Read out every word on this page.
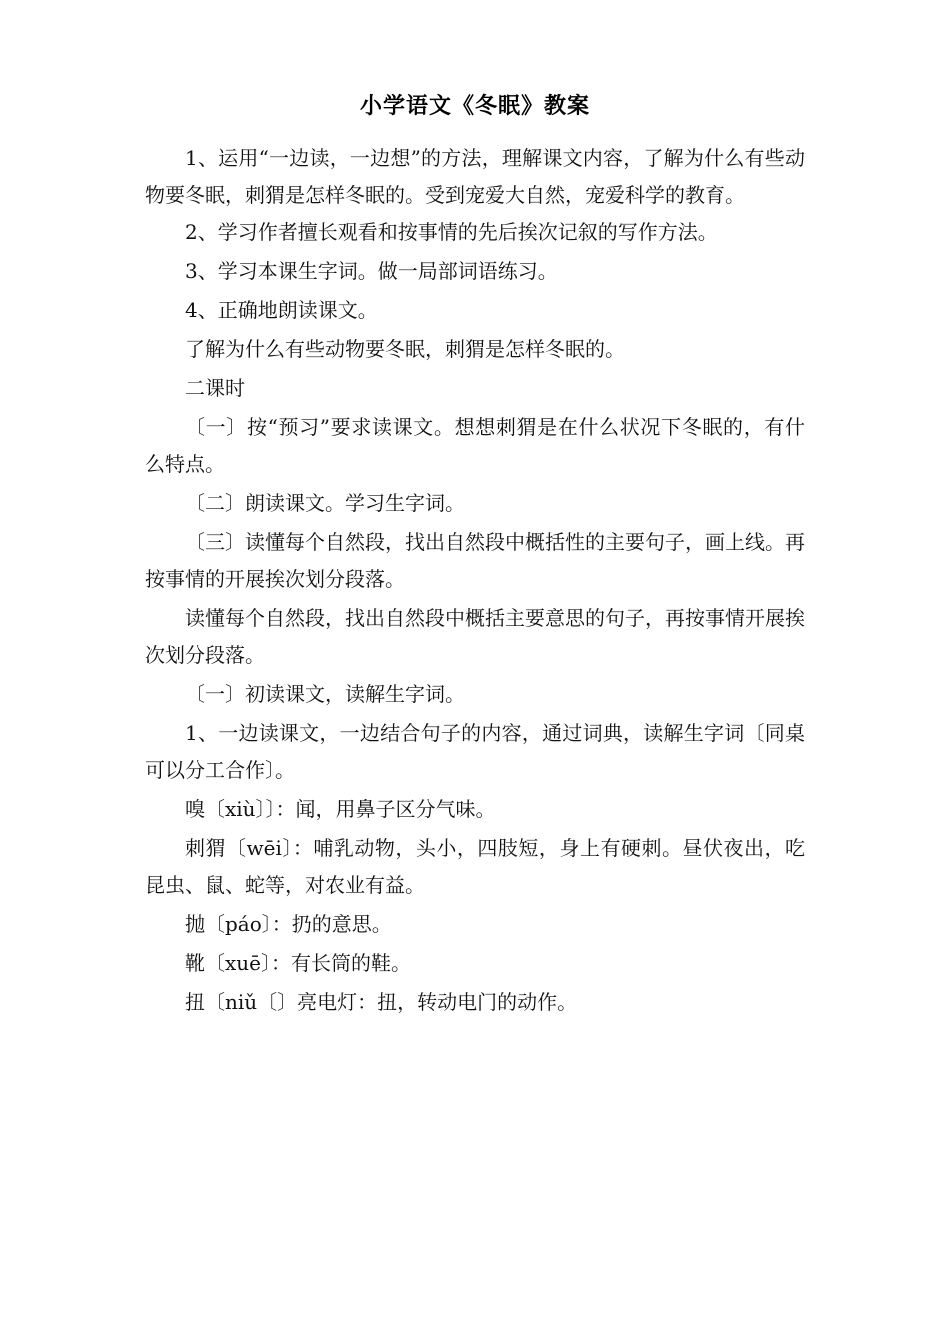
小学语文《冬眠》教案

1、运用“一边读，一边想”的方法，理解课文内容，了解为什么有些动物要冬眠，刺猬是怎样冬眠的。受到宠爱大自然，宠爱科学的教育。

2、学习作者擅长观看和按事情的先后挨次记叙的写作方法。

3、学习本课生字词。做一局部词语练习。

4、正确地朗读课文。

了解为什么有些动物要冬眠，刺猬是怎样冬眠的。

二课时

〔一〕按“预习”要求读课文。想想刺猬是在什么状况下冬眠的，有什么特点。

〔二〕朗读课文。学习生字词。

〔三〕读懂每个自然段，找出自然段中概括性的主要句子，画上线。再按事情的开展挨次划分段落。

读懂每个自然段，找出自然段中概括主要意思的句子，再按事情开展挨次划分段落。

〔一〕初读课文，读解生字词。

1、一边读课文，一边结合句子的内容，通过词典，读解生字词〔同桌可以分工合作〕。

嗅〔xiù〕〕：闻，用鼻子区分气味。

刺猬〔wēi〕：哺乳动物，头小，四肢短，身上有硬刺。昼伏夜出，吃昆虫、鼠、蛇等，对农业有益。

抛〔páo〕：扔的意思。

靴〔xuē〕：有长筒的鞋。

扭〔niǔ〔〕亮电灯：扭，转动电门的动作。
